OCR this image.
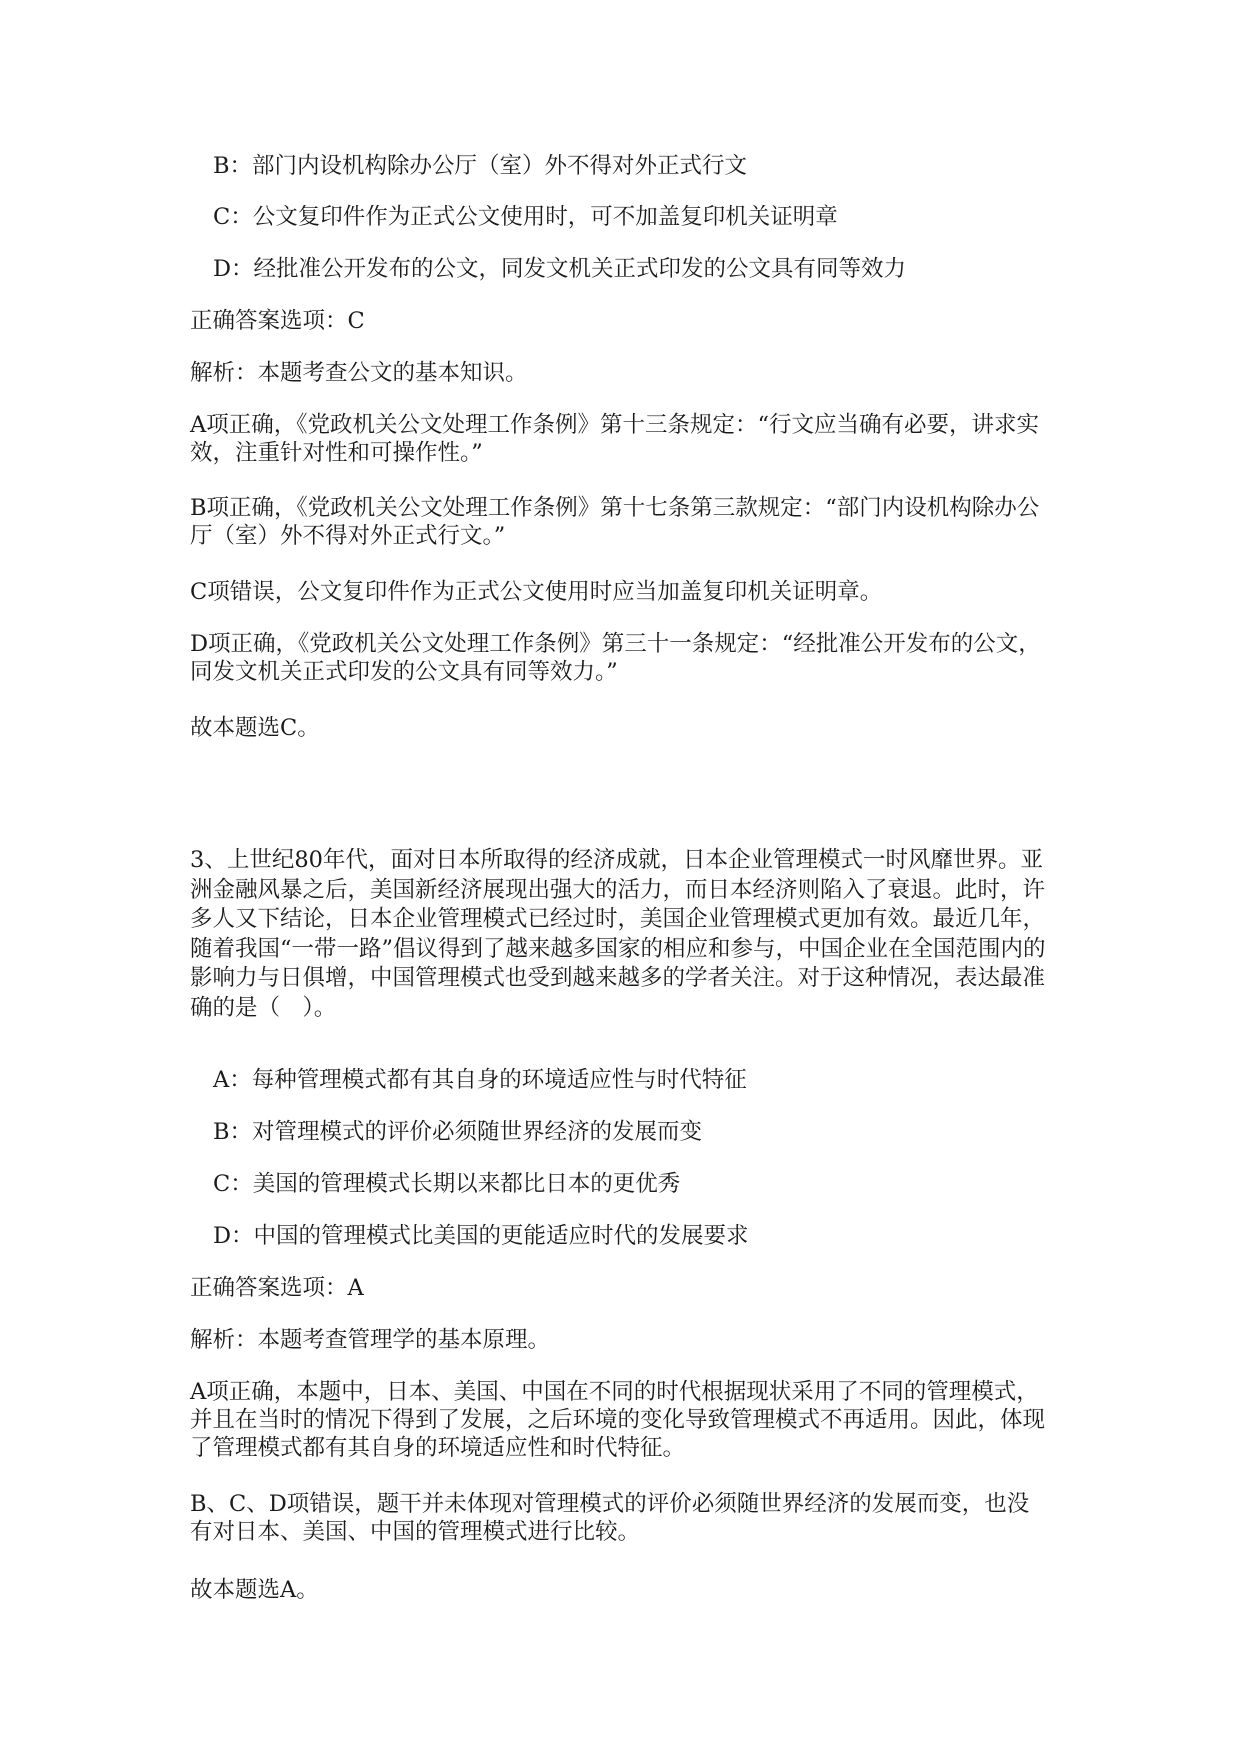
B：部门内设机构除办公厅（室）外不得对外正式行文

C：公文复印件作为正式公文使用时，可不加盖复印机关证明章

D：经批准公开发布的公文，同发文机关正式印发的公文具有同等效力

正确答案选项：C

解析：本题考查公文的基本知识。

A项正确，《党政机关公文处理工作条例》第十三条规定：“行文应当确有必要，讲求实效，注重针对性和可操作性。”

B项正确，《党政机关公文处理工作条例》第十七条第三款规定：“部门内设机构除办公厅（室）外不得对外正式行文。”

C项错误，公文复印件作为正式公文使用时应当加盖复印机关证明章。

D项正确，《党政机关公文处理工作条例》第三十一条规定：“经批准公开发布的公文，同发文机关正式印发的公文具有同等效力。”

故本题选C。

3、上世纪80年代，面对日本所取得的经济成就，日本企业管理模式一时风靡世界。亚洲金融风暴之后，美国新经济展现出强大的活力，而日本经济则陷入了衰退。此时，许多人又下结论，日本企业管理模式已经过时，美国企业管理模式更加有效。最近几年，随着我国“一带一路”倡议得到了越来越多国家的相应和参与，中国企业在全国范围内的影响力与日俱增，中国管理模式也受到越来越多的学者关注。对于这种情况，表达最准确的是（　）。

A：每种管理模式都有其自身的环境适应性与时代特征

B：对管理模式的评价必须随世界经济的发展而变

C：美国的管理模式长期以来都比日本的更优秀

D：中国的管理模式比美国的更能适应时代的发展要求

正确答案选项：A

解析：本题考查管理学的基本原理。

A项正确，本题中，日本、美国、中国在不同的时代根据现状采用了不同的管理模式，并且在当时的情况下得到了发展，之后环境的变化导致管理模式不再适用。因此，体现了管理模式都有其自身的环境适应性和时代特征。

B、C、D项错误，题干并未体现对管理模式的评价必须随世界经济的发展而变，也没有对日本、美国、中国的管理模式进行比较。

故本题选A。
